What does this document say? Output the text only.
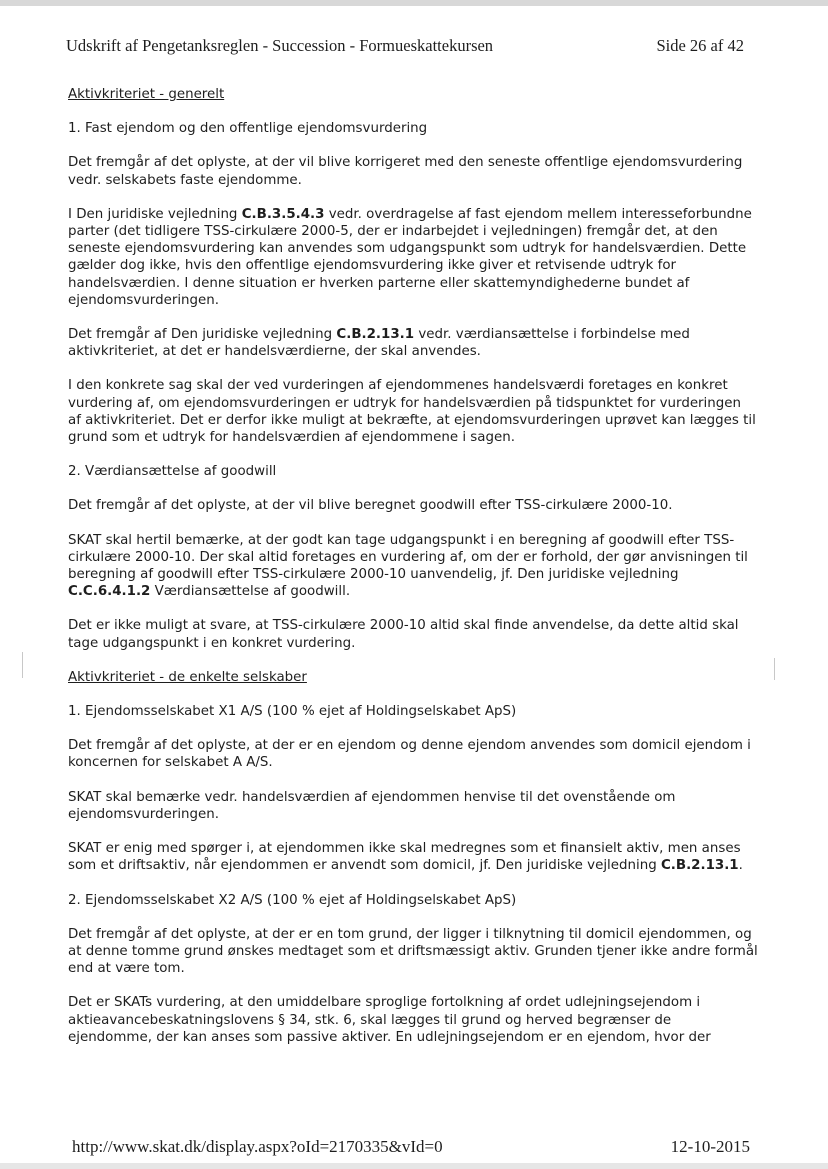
Udskrift af Pengetanksreglen - Succession - Formueskattekursen	Side 26 af 42

Aktivkriteriet - generelt

1. Fast ejendom og den offentlige ejendomsvurdering

Det fremgår af det oplyste, at der vil blive korrigeret med den seneste offentlige ejendomsvurdering vedr. selskabets faste ejendomme.

I Den juridiske vejledning C.B.3.5.4.3 vedr. overdragelse af fast ejendom mellem interesseforbundne parter (det tidligere TSS-cirkulære 2000-5, der er indarbejdet i vejledningen) fremgår det, at den seneste ejendomsvurdering kan anvendes som udgangspunkt som udtryk for handelsværdien. Dette gælder dog ikke, hvis den offentlige ejendomsvurdering ikke giver et retvisende udtryk for handelsværdien. I denne situation er hverken parterne eller skattemyndighederne bundet af ejendomsvurderingen.

Det fremgår af Den juridiske vejledning C.B.2.13.1 vedr. værdiansættelse i forbindelse med aktivkriteriet, at det er handelsværdierne, der skal anvendes.

I den konkrete sag skal der ved vurderingen af ejendommenes handelsværdi foretages en konkret vurdering af, om ejendomsvurderingen er udtryk for handelsværdien på tidspunktet for vurderingen af aktivkriteriet. Det er derfor ikke muligt at bekræfte, at ejendomsvurderingen uprøvet kan lægges til grund som et udtryk for handelsværdien af ejendommene i sagen.

2. Værdiansættelse af goodwill

Det fremgår af det oplyste, at der vil blive beregnet goodwill efter TSS-cirkulære 2000-10.

SKAT skal hertil bemærke, at der godt kan tage udgangspunkt i en beregning af goodwill efter TSS-cirkulære 2000-10. Der skal altid foretages en vurdering af, om der er forhold, der gør anvisningen til beregning af goodwill efter TSS-cirkulære 2000-10 uanvendelig, jf. Den juridiske vejledning C.C.6.4.1.2 Værdiansættelse af goodwill.

Det er ikke muligt at svare, at TSS-cirkulære 2000-10 altid skal finde anvendelse, da dette altid skal tage udgangspunkt i en konkret vurdering.

Aktivkriteriet - de enkelte selskaber

1. Ejendomsselskabet X1 A/S (100 % ejet af Holdingselskabet ApS)

Det fremgår af det oplyste, at der er en ejendom og denne ejendom anvendes som domicil ejendom i koncernen for selskabet A A/S.

SKAT skal bemærke vedr. handelsværdien af ejendommen henvise til det ovenstående om ejendomsvurderingen.

SKAT er enig med spørger i, at ejendommen ikke skal medregnes som et finansielt aktiv, men anses som et driftsaktiv, når ejendommen er anvendt som domicil, jf. Den juridiske vejledning C.B.2.13.1.

2. Ejendomsselskabet X2 A/S (100 % ejet af Holdingselskabet ApS)

Det fremgår af det oplyste, at der er en tom grund, der ligger i tilknytning til domicil ejendommen, og at denne tomme grund ønskes medtaget som et driftsmæssigt aktiv. Grunden tjener ikke andre formål end at være tom.

Det er SKATs vurdering, at den umiddelbare sproglige fortolkning af ordet udlejningsejendom i aktieavancebeskatningslovens § 34, stk. 6, skal lægges til grund og herved begrænser de ejendomme, der kan anses som passive aktiver. En udlejningsejendom er en ejendom, hvor der

http://www.skat.dk/display.aspx?oId=2170335&vId=0	12-10-2015
